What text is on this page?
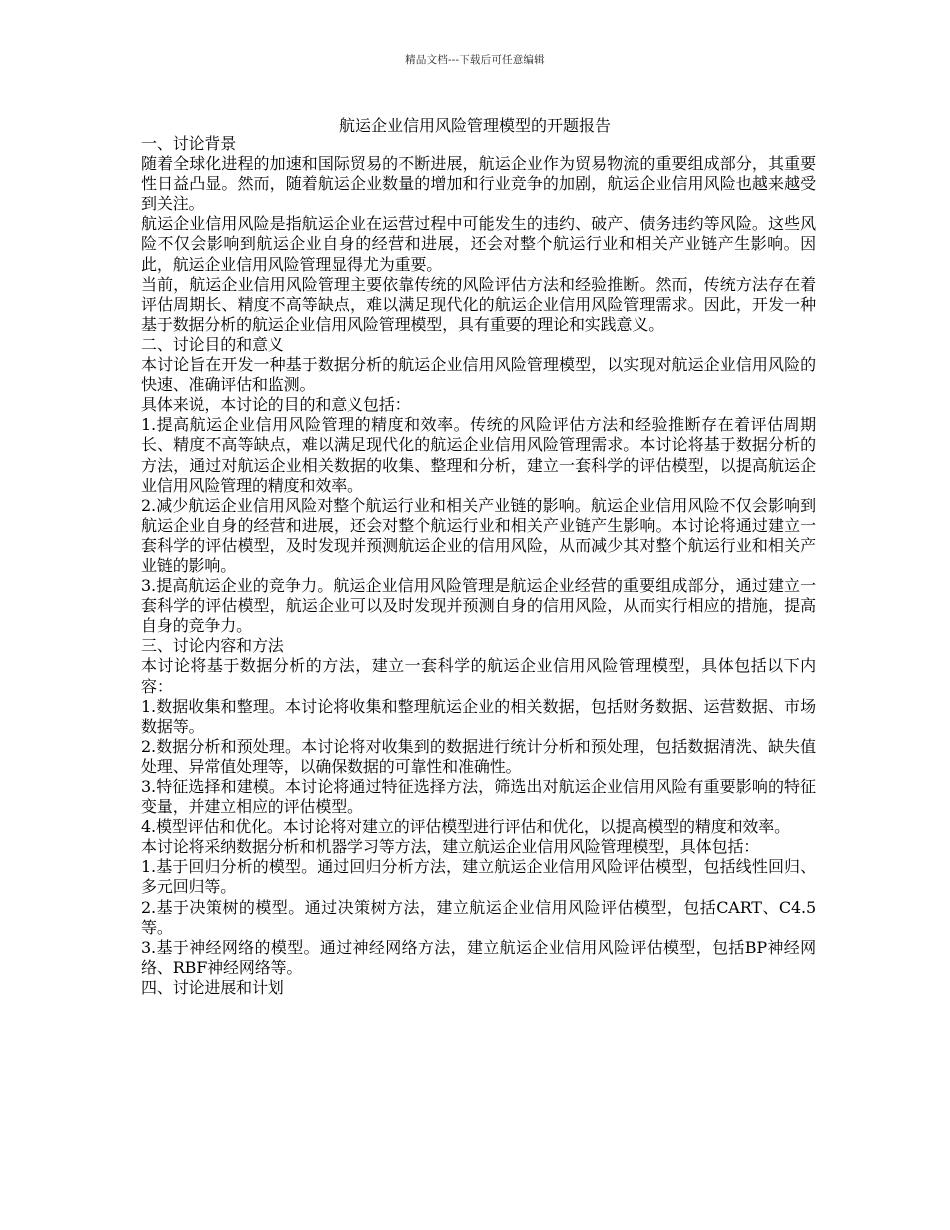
精品文档---下载后可任意编辑
航运企业信用风险管理模型的开题报告
一、讨论背景

随着全球化进程的加速和国际贸易的不断进展，航运企业作为贸易物流的重要组成部分，其重要性日益凸显。然而，随着航运企业数量的增加和行业竞争的加剧，航运企业信用风险也越来越受到关注。

航运企业信用风险是指航运企业在运营过程中可能发生的违约、破产、债务违约等风险。这些风险不仅会影响到航运企业自身的经营和进展，还会对整个航运行业和相关产业链产生影响。因此，航运企业信用风险管理显得尤为重要。

当前，航运企业信用风险管理主要依靠传统的风险评估方法和经验推断。然而，传统方法存在着评估周期长、精度不高等缺点，难以满足现代化的航运企业信用风险管理需求。因此，开发一种基于数据分析的航运企业信用风险管理模型，具有重要的理论和实践意义。

二、讨论目的和意义

本讨论旨在开发一种基于数据分析的航运企业信用风险管理模型，以实现对航运企业信用风险的快速、准确评估和监测。

具体来说，本讨论的目的和意义包括：

1.提高航运企业信用风险管理的精度和效率。传统的风险评估方法和经验推断存在着评估周期长、精度不高等缺点，难以满足现代化的航运企业信用风险管理需求。本讨论将基于数据分析的方法，通过对航运企业相关数据的收集、整理和分析，建立一套科学的评估模型，以提高航运企业信用风险管理的精度和效率。

2.减少航运企业信用风险对整个航运行业和相关产业链的影响。航运企业信用风险不仅会影响到航运企业自身的经营和进展，还会对整个航运行业和相关产业链产生影响。本讨论将通过建立一套科学的评估模型，及时发现并预测航运企业的信用风险，从而减少其对整个航运行业和相关产业链的影响。

3.提高航运企业的竞争力。航运企业信用风险管理是航运企业经营的重要组成部分，通过建立一套科学的评估模型，航运企业可以及时发现并预测自身的信用风险，从而实行相应的措施，提高自身的竞争力。

三、讨论内容和方法

本讨论将基于数据分析的方法，建立一套科学的航运企业信用风险管理模型，具体包括以下内容：

1.数据收集和整理。本讨论将收集和整理航运企业的相关数据，包括财务数据、运营数据、市场数据等。

2.数据分析和预处理。本讨论将对收集到的数据进行统计分析和预处理，包括数据清洗、缺失值处理、异常值处理等，以确保数据的可靠性和准确性。

3.特征选择和建模。本讨论将通过特征选择方法，筛选出对航运企业信用风险有重要影响的特征变量，并建立相应的评估模型。

4.模型评估和优化。本讨论将对建立的评估模型进行评估和优化，以提高模型的精度和效率。

本讨论将采纳数据分析和机器学习等方法，建立航运企业信用风险管理模型，具体包括：

1.基于回归分析的模型。通过回归分析方法，建立航运企业信用风险评估模型，包括线性回归、多元回归等。

2.基于决策树的模型。通过决策树方法，建立航运企业信用风险评估模型，包括CART、C4.5等。

3.基于神经网络的模型。通过神经网络方法，建立航运企业信用风险评估模型，包括BP神经网络、RBF神经网络等。

四、讨论进展和计划
